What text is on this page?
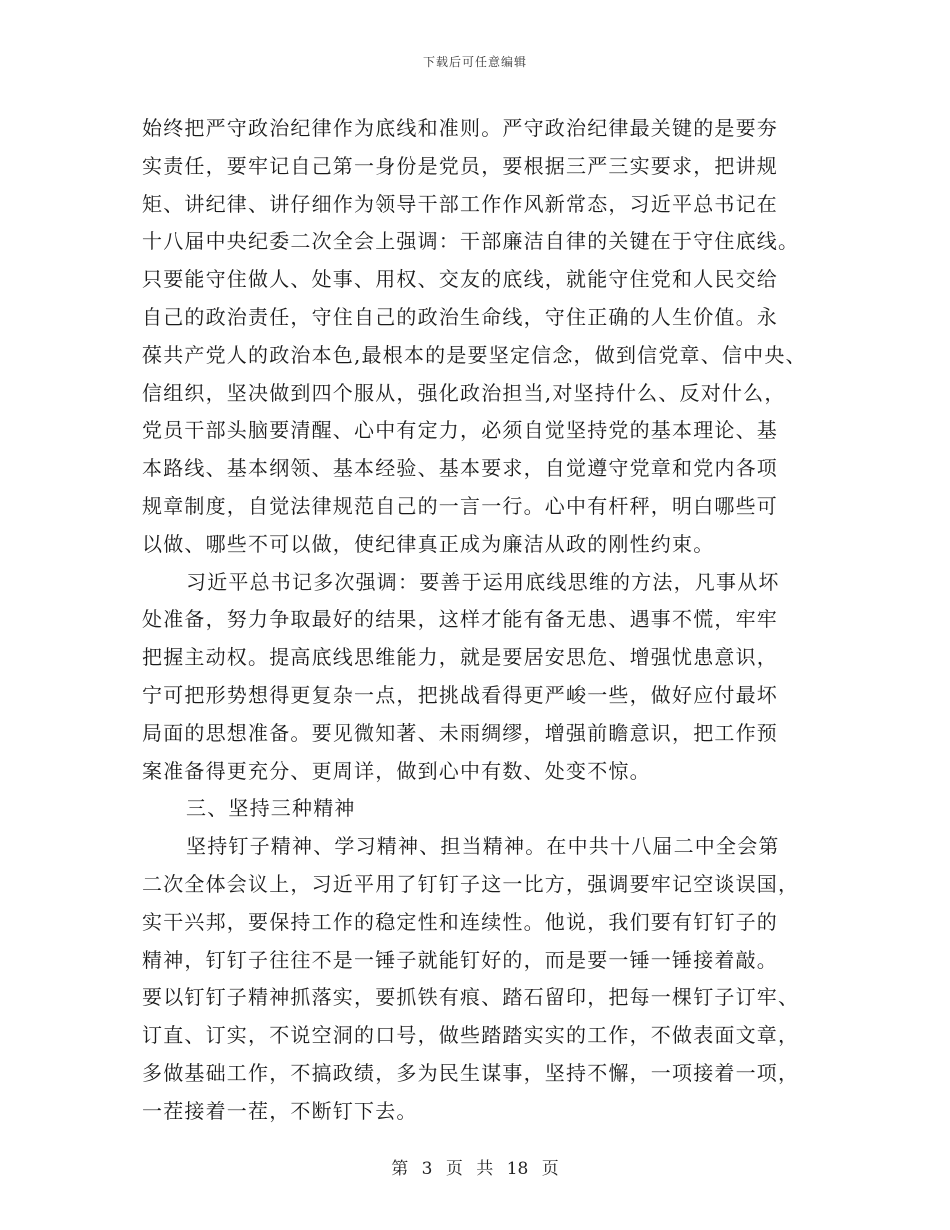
下载后可任意编辑
始终把严守政治纪律作为底线和准则。严守政治纪律最关键的是要夯
实责任，要牢记自己第一身份是党员，要根据三严三实要求，把讲规
矩、讲纪律、讲仔细作为领导干部工作作风新常态，习近平总书记在
十八届中央纪委二次全会上强调：干部廉洁自律的关键在于守住底线。
只要能守住做人、处事、用权、交友的底线，就能守住党和人民交给
自己的政治责任，守住自己的政治生命线，守住正确的人生价值。永
葆共产党人的政治本色,最根本的是要坚定信念，做到信党章、信中央、
信组织，坚决做到四个服从，强化政治担当,对坚持什么、反对什么，
党员干部头脑要清醒、心中有定力，必须自觉坚持党的基本理论、基
本路线、基本纲领、基本经验、基本要求，自觉遵守党章和党内各项
规章制度，自觉法律规范自己的一言一行。心中有杆秤，明白哪些可
以做、哪些不可以做，使纪律真正成为廉洁从政的刚性约束。
习近平总书记多次强调：要善于运用底线思维的方法，凡事从坏
处准备，努力争取最好的结果，这样才能有备无患、遇事不慌，牢牢
把握主动权。提高底线思维能力，就是要居安思危、增强忧患意识，
宁可把形势想得更复杂一点，把挑战看得更严峻一些，做好应付最坏
局面的思想准备。要见微知著、未雨绸缪，增强前瞻意识，把工作预
案准备得更充分、更周详，做到心中有数、处变不惊。
三、坚持三种精神
坚持钉子精神、学习精神、担当精神。在中共十八届二中全会第
二次全体会议上，习近平用了钉钉子这一比方，强调要牢记空谈误国，
实干兴邦，要保持工作的稳定性和连续性。他说，我们要有钉钉子的
精神，钉钉子往往不是一锤子就能钉好的，而是要一锤一锤接着敲。
要以钉钉子精神抓落实，要抓铁有痕、踏石留印，把每一棵钉子订牢、
订直、订实，不说空洞的口号，做些踏踏实实的工作，不做表面文章，
多做基础工作，不搞政绩，多为民生谋事，坚持不懈，一项接着一项，
一茬接着一茬，不断钉下去。
第 3 页 共 18 页
